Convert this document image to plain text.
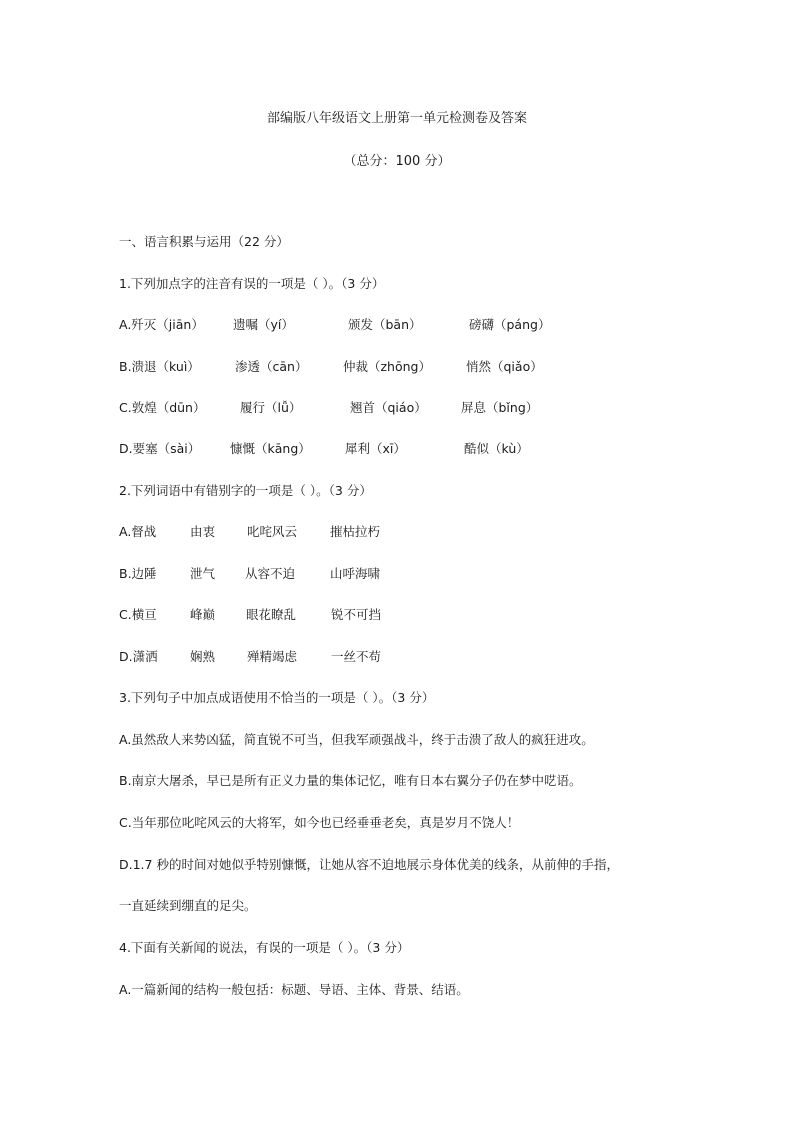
部编版八年级语文上册第一单元检测卷及答案
（总分：100 分）
一、语言积累与运用（22 分）
1.下列加点字的注音有误的一项是（ ）。（3 分）
A.歼灭（jiān） 遗嘱（yí）	颁发（bān）	磅礴（páng）
B.溃退（kuì）	渗透（cān）	仲裁（zhōng）	悄然（qiǎo）
C.敦煌（dūn）	履行（lǚ）	翘首（qiáo）	屏息（bǐng）
D.要塞（sài） 慷慨（kāng）	犀利（xī）	酷似（kù）
2.下列词语中有错别字的一项是（ ）。（3 分）
A.督战	由衷	叱咤风云	摧枯拉朽
B.边陲	泄气 从容不迫	山呼海啸
C.横亘	峰巅 眼花瞭乱	锐不可挡
D.潇洒	娴熟	殚精竭虑	一丝不苟
3.下列句子中加点成语使用不恰当的一项是（ ）。（3 分）
A.虽然敌人来势凶猛，简直锐不可当，但我军顽强战斗，终于击溃了敌人的疯狂进攻。
B.南京大屠杀，早已是所有正义力量的集体记忆，唯有日本右翼分子仍在梦中呓语。
C.当年那位叱咤风云的大将军，如今也已经垂垂老矣，真是岁月不饶人！
D.1.7 秒的时间对她似乎特别慷慨，让她从容不迫地展示身体优美的线条，从前伸的手指，
一直延续到绷直的足尖。
4.下面有关新闻的说法，有误的一项是（ ）。（3 分）
A.一篇新闻的结构一般包括：标题、导语、主体、背景、结语。
